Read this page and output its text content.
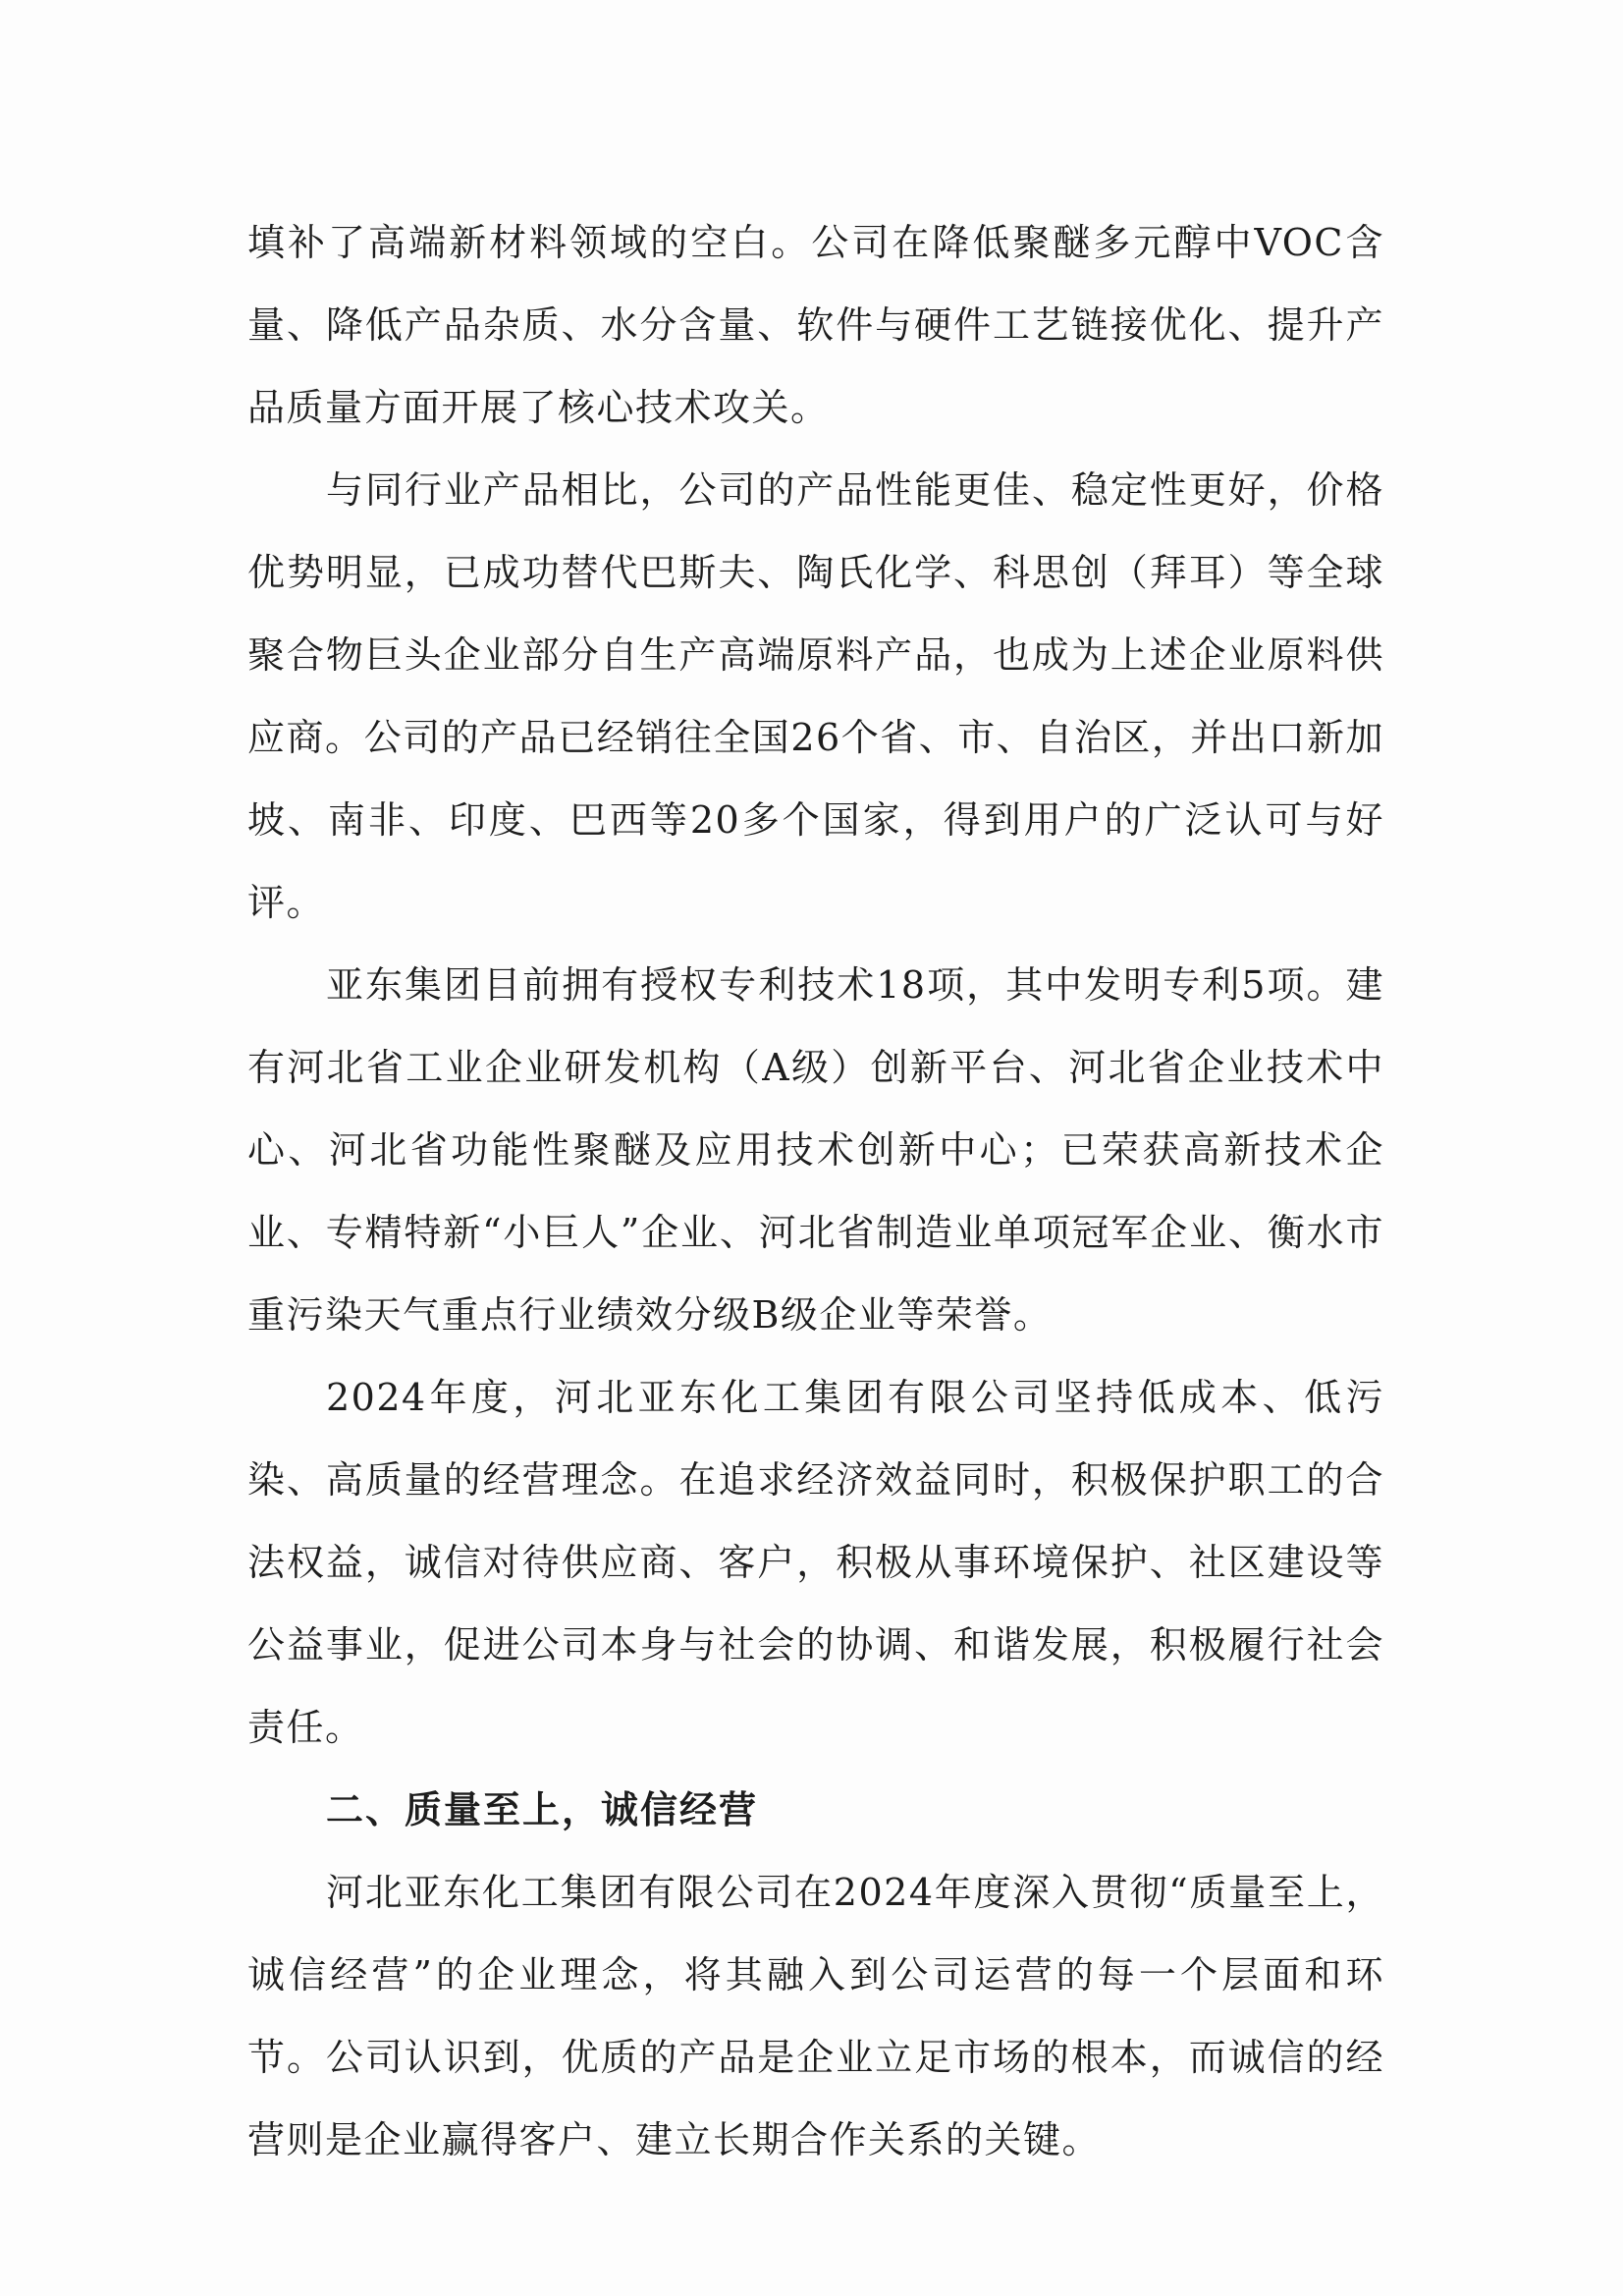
填补了高端新材料领域的空白。公司在降低聚醚多元醇中VOC含量、降低产品杂质、水分含量、软件与硬件工艺链接优化、提升产品质量方面开展了核心技术攻关。

与同行业产品相比，公司的产品性能更佳、稳定性更好，价格优势明显，已成功替代巴斯夫、陶氏化学、科思创（拜耳）等全球聚合物巨头企业部分自生产高端原料产品，也成为上述企业原料供应商。公司的产品已经销往全国26个省、市、自治区，并出口新加坡、南非、印度、巴西等20多个国家，得到用户的广泛认可与好评。

亚东集团目前拥有授权专利技术18项，其中发明专利5项。建有河北省工业企业研发机构（A级）创新平台、河北省企业技术中心、河北省功能性聚醚及应用技术创新中心；已荣获高新技术企业、专精特新“小巨人”企业、河北省制造业单项冠军企业、衡水市重污染天气重点行业绩效分级B级企业等荣誉。

2024年度，河北亚东化工集团有限公司坚持低成本、低污染、高质量的经营理念。在追求经济效益同时，积极保护职工的合法权益，诚信对待供应商、客户，积极从事环境保护、社区建设等公益事业，促进公司本身与社会的协调、和谐发展，积极履行社会责任。

二、质量至上，诚信经营

河北亚东化工集团有限公司在2024年度深入贯彻“质量至上，诚信经营”的企业理念，将其融入到公司运营的每一个层面和环节。公司认识到，优质的产品是企业立足市场的根本，而诚信的经营则是企业赢得客户、建立长期合作关系的关键。
